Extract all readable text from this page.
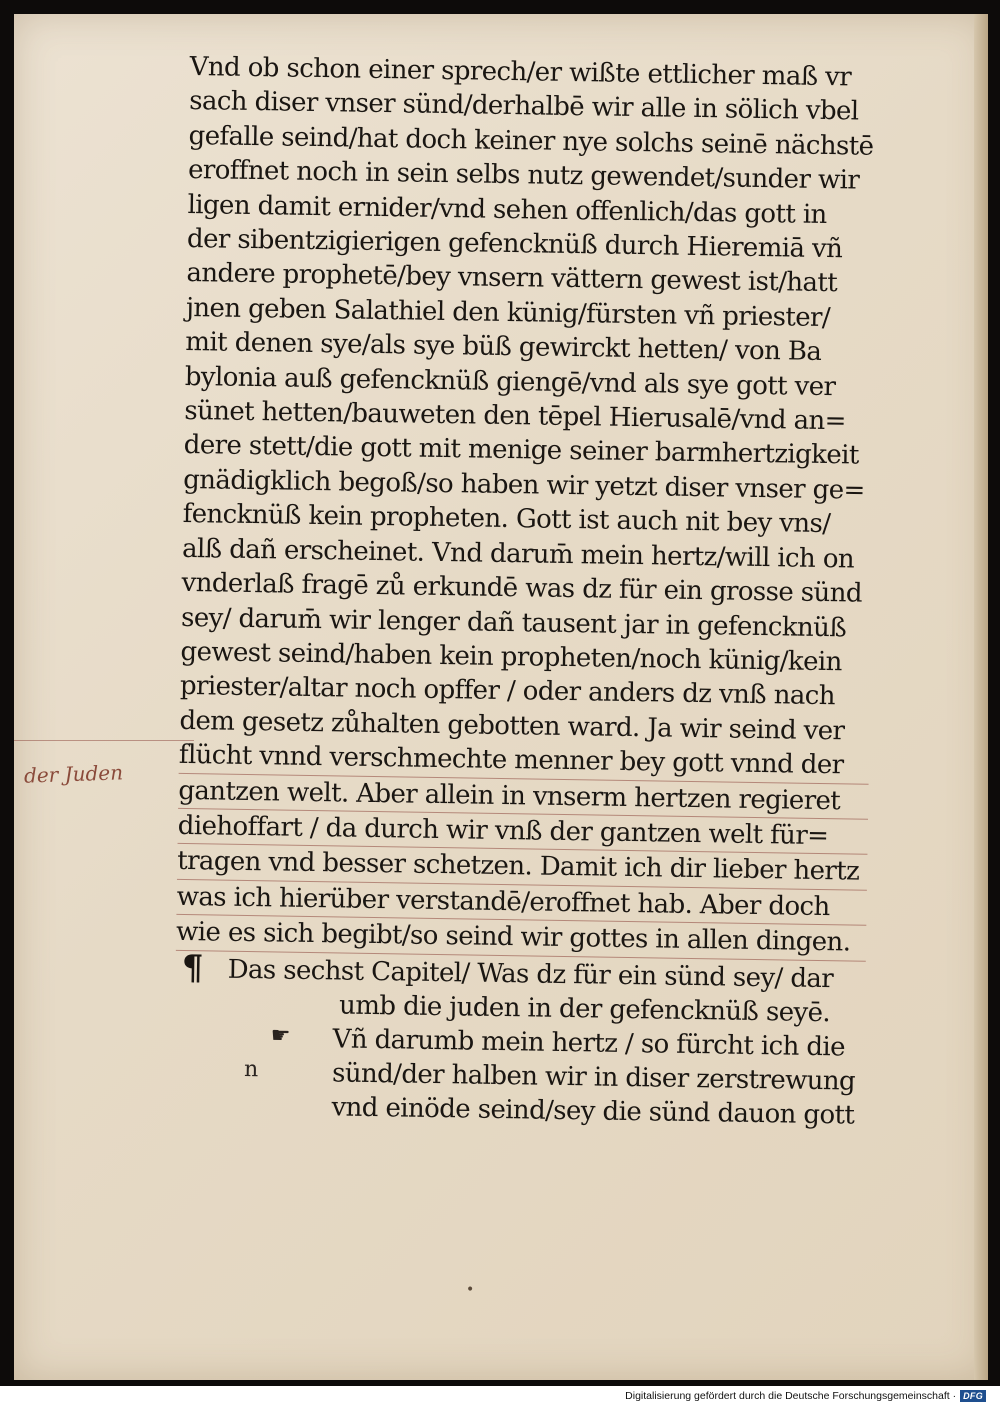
Vnd ob schon einer sprech/er wißte ettlicher maß vr
sach diser vnser sünd/derhalbē wir alle in sölich vbel
gefalle seind/hat doch keiner nye solchs seinē nächstē
eroffnet noch in sein selbs nutz gewendet/sunder wir
ligen damit ernider/vnd sehen offenlich/das gott in
der sibentzigierigen gefencknüß durch Hieremiā vñ
andere prophetē/bey vnsern vättern gewest ist/hatt
jnen geben Salathiel den künig/fürsten vñ priester/
mit denen sye/als sye büß gewirckt hetten/ von Ba
bylonia auß gefencknüß giengē/vnd als sye gott ver
sünet hetten/bauweten den tēpel Hierusalē/vnd an=
dere stett/die gott mit menige seiner barmhertzigkeit
gnädigklich begoß/so haben wir yetzt diser vnser ge=
fencknüß kein propheten. Gott ist auch nit bey vns/
alß dañ erscheinet. Vnd darum̄ mein hertz/will ich on
vnderlaß fragē zů erkundē was dz für ein grosse sünd
sey/ darum̄ wir lenger dañ tausent jar in gefencknüß
gewest seind/haben kein propheten/noch künig/kein
priester/altar noch opffer / oder anders dz vnß nach
dem gesetz zůhalten gebotten ward. Ja wir seind ver
flücht vnnd verschmechte menner bey gott vnnd der
gantzen welt. Aber allein in vnserm hertzen regieret
diehoffart / da durch wir vnß der gantzen welt für=
tragen vnd besser schetzen. Damit ich dir lieber hertz
was ich hierüber verstandē/eroffnet hab. Aber doch
wie es sich begibt/so seind wir gottes in allen dingen.
der Juden
¶ Das sechst Capitel/ Was dz für ein sünd sey/ dar
umb die juden in der gefencknüß seyē.
Vñ darumb mein hertz / so fürcht ich die
sünd/der halben wir in diser zerstrewung
vnd einöde seind/sey die sünd dauon gott
☛
n
•
Digitalisierung gefördert durch die Deutsche Forschungsgemeinschaft · DFG
